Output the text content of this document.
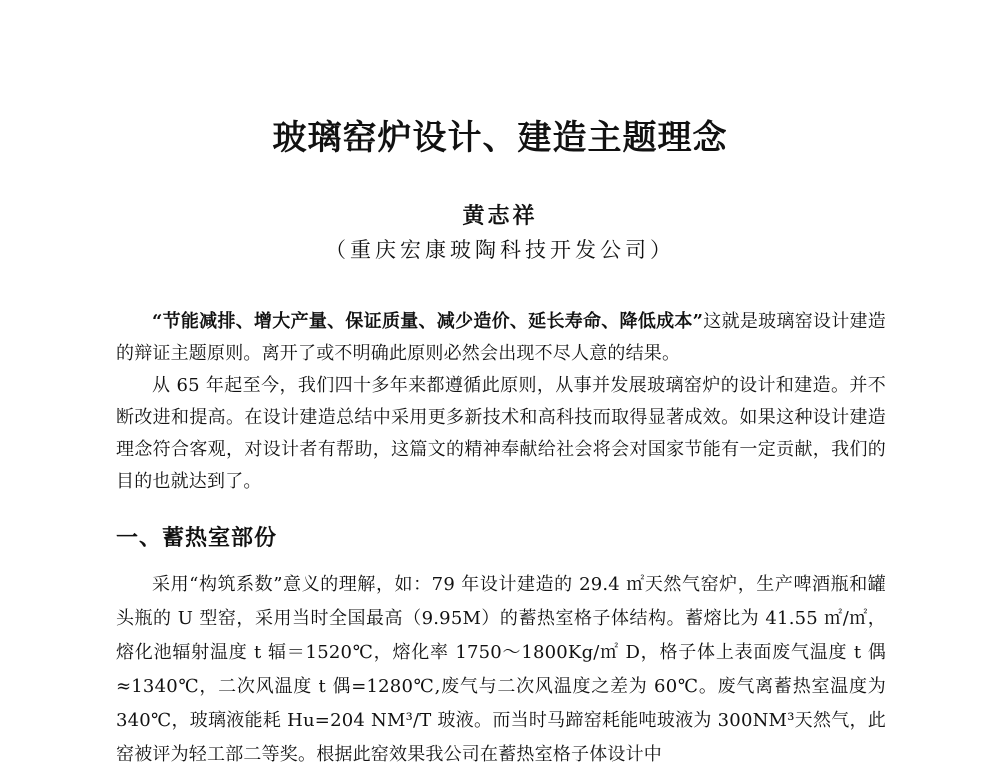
玻璃窑炉设计、建造主题理念
黄志祥
（重庆宏康玻陶科技开发公司）

“节能减排、增大产量、保证质量、减少造价、延长寿命、降低成本”这就是玻璃窑设计建造的辩证主题原则。离开了或不明确此原则必然会出现不尽人意的结果。

从 65 年起至今，我们四十多年来都遵循此原则，从事并发展玻璃窑炉的设计和建造。并不断改进和提高。在设计建造总结中采用更多新技术和高科技而取得显著成效。如果这种设计建造理念符合客观，对设计者有帮助，这篇文的精神奉献给社会将会对国家节能有一定贡献，我们的目的也就达到了。

一、蓄热室部份

采用“构筑系数”意义的理解，如：79 年设计建造的 29.4 ㎡天然气窑炉，生产啤酒瓶和罐头瓶的 U 型窑，采用当时全国最高（9.95M）的蓄热室格子体结构。蓄熔比为 41.55 ㎡/㎡，熔化池辐射温度 t 辐＝1520℃，熔化率 1750～1800Kg/㎡ D，格子体上表面废气温度 t 偶≈1340℃，二次风温度 t 偶=1280℃,废气与二次风温度之差为 60℃。废气离蓄热室温度为 340℃，玻璃液能耗 Hu=204 NM³/T 玻液。而当时马蹄窑耗能吨玻液为 300NM³天然气，此窑被评为轻工部二等奖。根据此窑效果我公司在蓄热室格子体设计中
